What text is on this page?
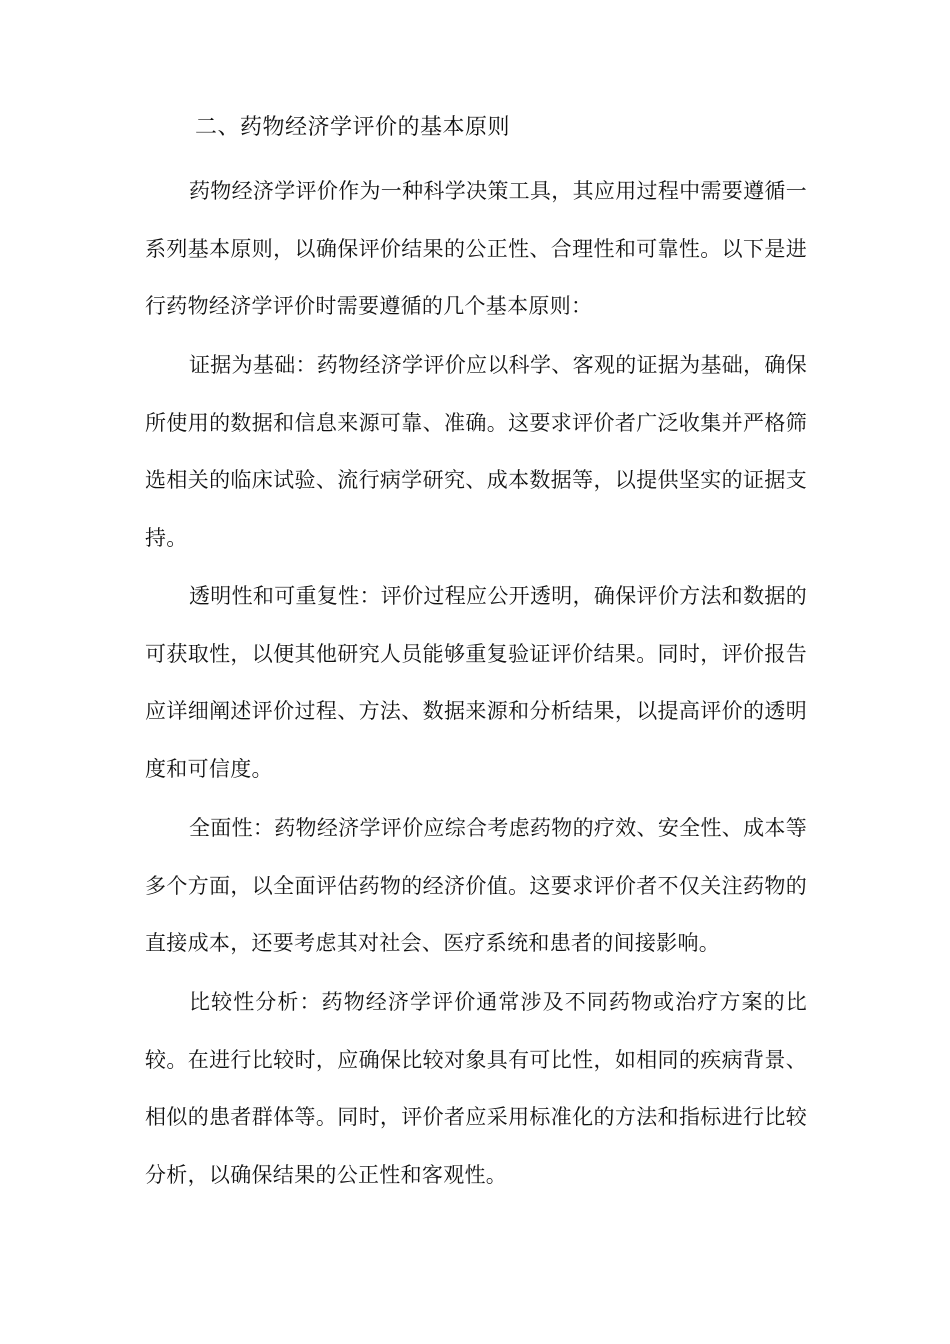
二、药物经济学评价的基本原则

药物经济学评价作为一种科学决策工具，其应用过程中需要遵循一系列基本原则，以确保评价结果的公正性、合理性和可靠性。以下是进行药物经济学评价时需要遵循的几个基本原则：

证据为基础：药物经济学评价应以科学、客观的证据为基础，确保所使用的数据和信息来源可靠、准确。这要求评价者广泛收集并严格筛选相关的临床试验、流行病学研究、成本数据等，以提供坚实的证据支持。

透明性和可重复性：评价过程应公开透明，确保评价方法和数据的可获取性，以便其他研究人员能够重复验证评价结果。同时，评价报告应详细阐述评价过程、方法、数据来源和分析结果，以提高评价的透明度和可信度。

全面性：药物经济学评价应综合考虑药物的疗效、安全性、成本等多个方面，以全面评估药物的经济价值。这要求评价者不仅关注药物的直接成本，还要考虑其对社会、医疗系统和患者的间接影响。

比较性分析：药物经济学评价通常涉及不同药物或治疗方案的比较。在进行比较时，应确保比较对象具有可比性，如相同的疾病背景、相似的患者群体等。同时，评价者应采用标准化的方法和指标进行比较分析，以确保结果的公正性和客观性。
